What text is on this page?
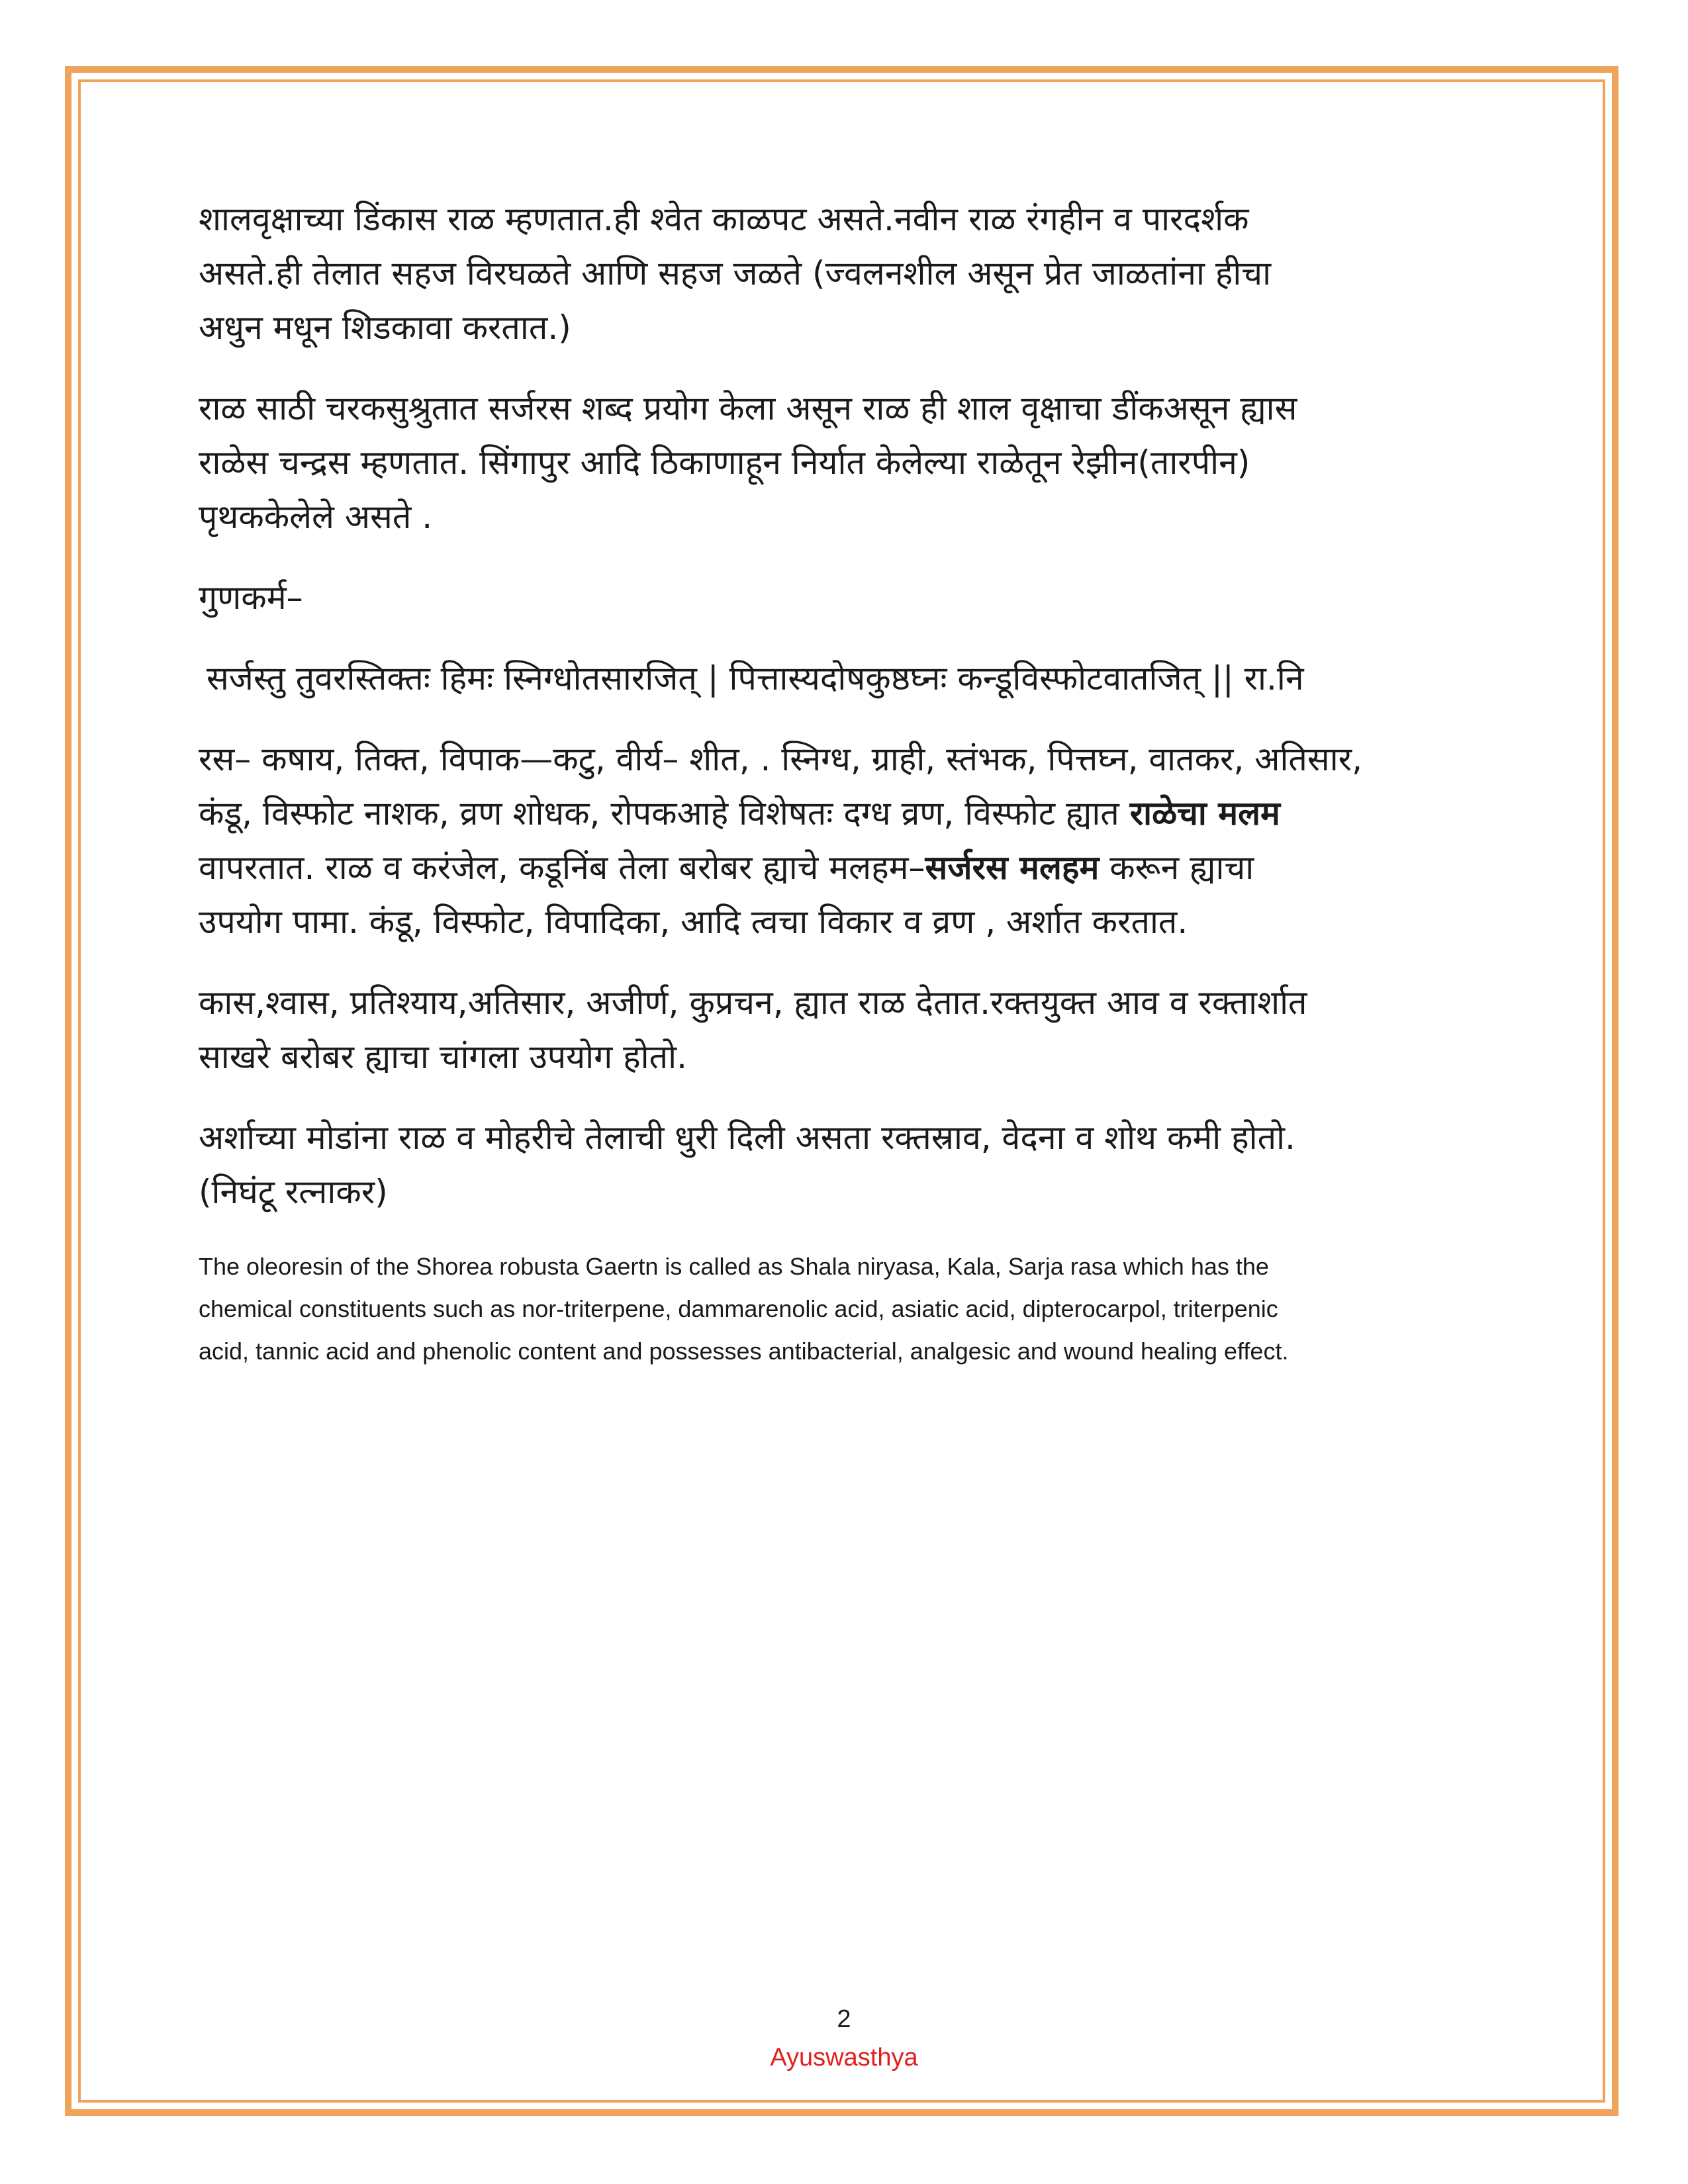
शालवृक्षाच्या डिंकास राळ म्हणतात.ही श्वेत काळपट असते.नवीन राळ रंगहीन व पारदर्शक
असते.ही तेलात सहज विरघळते आणि सहज जळते (ज्वलनशील असून प्रेत जाळतांना हीचा
अधुन मधून शिडकावा करतात.)

राळ साठी चरकसुश्रुतात सर्जरस शब्द प्रयोग केला असून राळ ही शाल वृक्षाचा डींकअसून ह्यास
राळेस चन्द्रस म्हणतात. सिंगापुर आदि ठिकाणाहून निर्यात केलेल्या राळेतून रेझीन(तारपीन)
पृथककेलेले असते .

गुणकर्म–

सर्जस्तु तुवरस्तिक्तः हिमः स्निग्धोतसारजित् | पित्तास्यदोषकुष्ठघ्नः कन्डूविस्फोटवातजित् || रा.नि

रस– कषाय, तिक्त, विपाक—कटु, वीर्य– शीत, . स्निग्ध, ग्राही, स्तंभक, पित्तघ्न, वातकर, अतिसार,
कंडू, विस्फोट नाशक, व्रण शोधक, रोपकआहे विशेषतः दग्ध व्रण, विस्फोट ह्यात राळेचा मलम
वापरतात. राळ व करंजेल, कडूनिंब तेला बरोबर ह्याचे मलहम–सर्जरस मलहम करून ह्याचा
उपयोग पामा. कंडू, विस्फोट, विपादिका, आदि त्वचा विकार व व्रण , अर्शात करतात.

कास,श्वास, प्रतिश्याय,अतिसार, अजीर्ण, कुप्रचन, ह्यात राळ देतात.रक्तयुक्त आव व रक्तार्शात
साखरे बरोबर ह्याचा चांगला उपयोग होतो.

अर्शाच्या मोडांना राळ व मोहरीचे तेलाची धुरी दिली असता रक्तस्राव, वेदना व शोथ कमी होतो.
(निघंटू रत्नाकर)

The oleoresin of the Shorea robusta Gaertn is called as Shala niryasa, Kala, Sarja rasa which has the
chemical constituents such as nor-triterpene, dammarenolic acid, asiatic acid, dipterocarpol, triterpenic
acid, tannic acid and phenolic content and possesses antibacterial, analgesic and wound healing effect.
2
Ayuswasthya
